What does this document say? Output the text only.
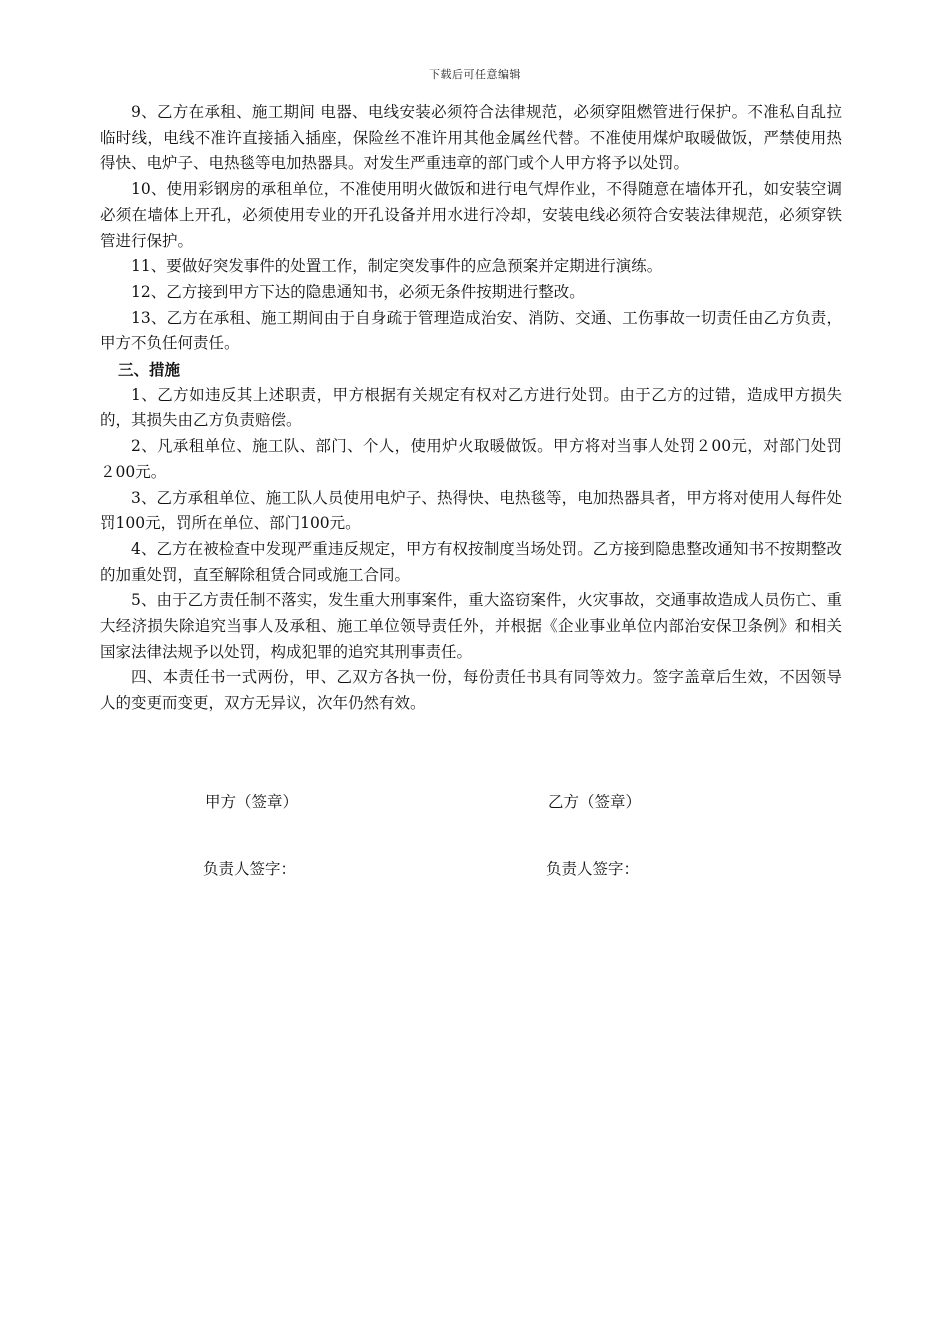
下载后可任意编辑

9、乙方在承租、施工期间 电器、电线安装必须符合法律规范，必须穿阻燃管进行保护。不准私自乱拉临时线，电线不准许直接插入插座，保险丝不准许用其他金属丝代替。不准使用煤炉取暖做饭，严禁使用热得快、电炉子、电热毯等电加热器具。对发生严重违章的部门或个人甲方将予以处罚。

10、使用彩钢房的承租单位，不准使用明火做饭和进行电气焊作业，不得随意在墙体开孔，如安装空调必须在墙体上开孔，必须使用专业的开孔设备并用水进行冷却，安装电线必须符合安装法律规范，必须穿铁管进行保护。

11、要做好突发事件的处置工作，制定突发事件的应急预案并定期进行演练。

12、乙方接到甲方下达的隐患通知书，必须无条件按期进行整改。

13、乙方在承租、施工期间由于自身疏于管理造成治安、消防、交通、工伤事故一切责任由乙方负责，甲方不负任何责任。

三、措施

1、乙方如违反其上述职责，甲方根据有关规定有权对乙方进行处罚。由于乙方的过错，造成甲方损失的，其损失由乙方负责赔偿。

2、凡承租单位、施工队、部门、个人，使用炉火取暖做饭。甲方将对当事人处罚２00元，对部门处罚２00元。

3、乙方承租单位、施工队人员使用电炉子、热得快、电热毯等，电加热器具者，甲方将对使用人每件处罚100元，罚所在单位、部门100元。

4、乙方在被检查中发现严重违反规定，甲方有权按制度当场处罚。乙方接到隐患整改通知书不按期整改的加重处罚，直至解除租赁合同或施工合同。

5、由于乙方责任制不落实，发生重大刑事案件，重大盗窃案件，火灾事故，交通事故造成人员伤亡、重大经济损失除追究当事人及承租、施工单位领导责任外，并根据《企业事业单位内部治安保卫条例》和相关国家法律法规予以处罚，构成犯罪的追究其刑事责任。

四、本责任书一式两份，甲、乙双方各执一份，每份责任书具有同等效力。签字盖章后生效，不因领导人的变更而变更，双方无异议，次年仍然有效。

甲方（签章）	乙方（签章）
负责人签字：	负责人签字：
